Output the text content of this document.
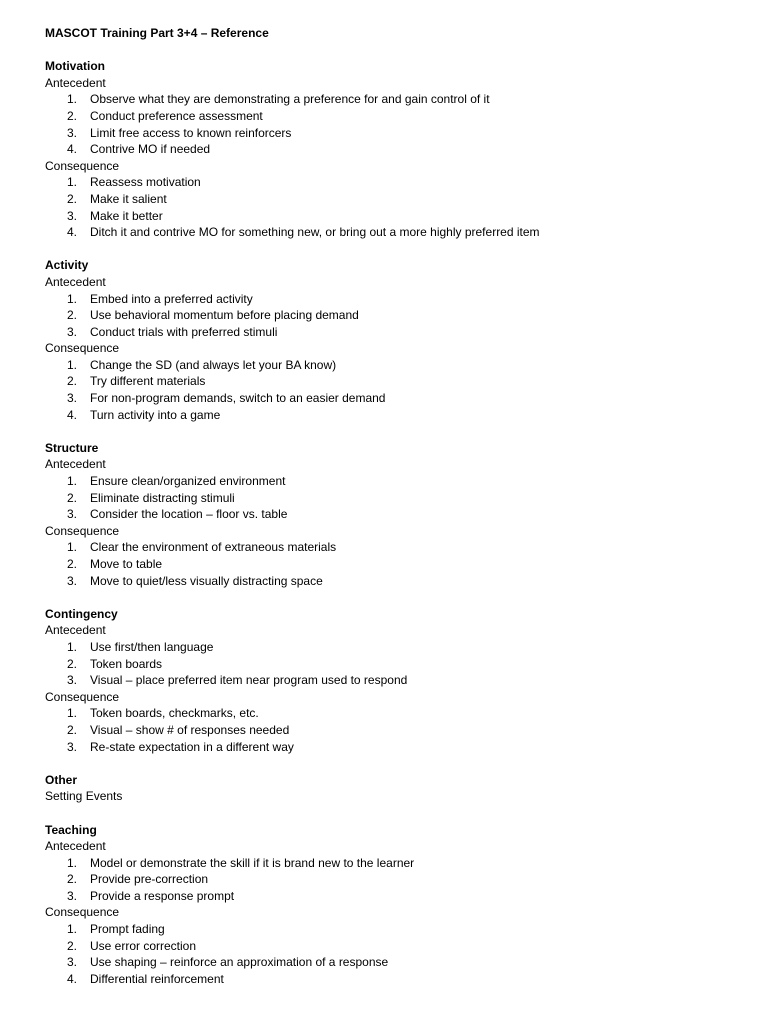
MASCOT Training Part 3+4 – Reference
Motivation
Antecedent
1.	Observe what they are demonstrating a preference for and gain control of it
2.	Conduct preference assessment
3.	Limit free access to known reinforcers
4.	Contrive MO if needed
Consequence
1.	Reassess motivation
2.	Make it salient
3.	Make it better
4.	Ditch it and contrive MO for something new, or bring out a more highly preferred item
Activity
Antecedent
1.	Embed into a preferred activity
2.	Use behavioral momentum before placing demand
3.	Conduct trials with preferred stimuli
Consequence
1.	Change the SD (and always let your BA know)
2.	Try different materials
3.	For non-program demands, switch to an easier demand
4.	Turn activity into a game
Structure
Antecedent
1.	Ensure clean/organized environment
2.	Eliminate distracting stimuli
3.	Consider the location – floor vs. table
Consequence
1.	Clear the environment of extraneous materials
2.	Move to table
3.	Move to quiet/less visually distracting space
Contingency
Antecedent
1.	Use first/then language
2.	Token boards
3.	Visual – place preferred item near program used to respond
Consequence
1.	Token boards, checkmarks, etc.
2.	Visual – show # of responses needed
3.	Re-state expectation in a different way
Other
Setting Events
Teaching
Antecedent
1.	Model or demonstrate the skill if it is brand new to the learner
2.	Provide pre-correction
3.	Provide a response prompt
Consequence
1.	Prompt fading
2.	Use error correction
3.	Use shaping – reinforce an approximation of a response
4.	Differential reinforcement
